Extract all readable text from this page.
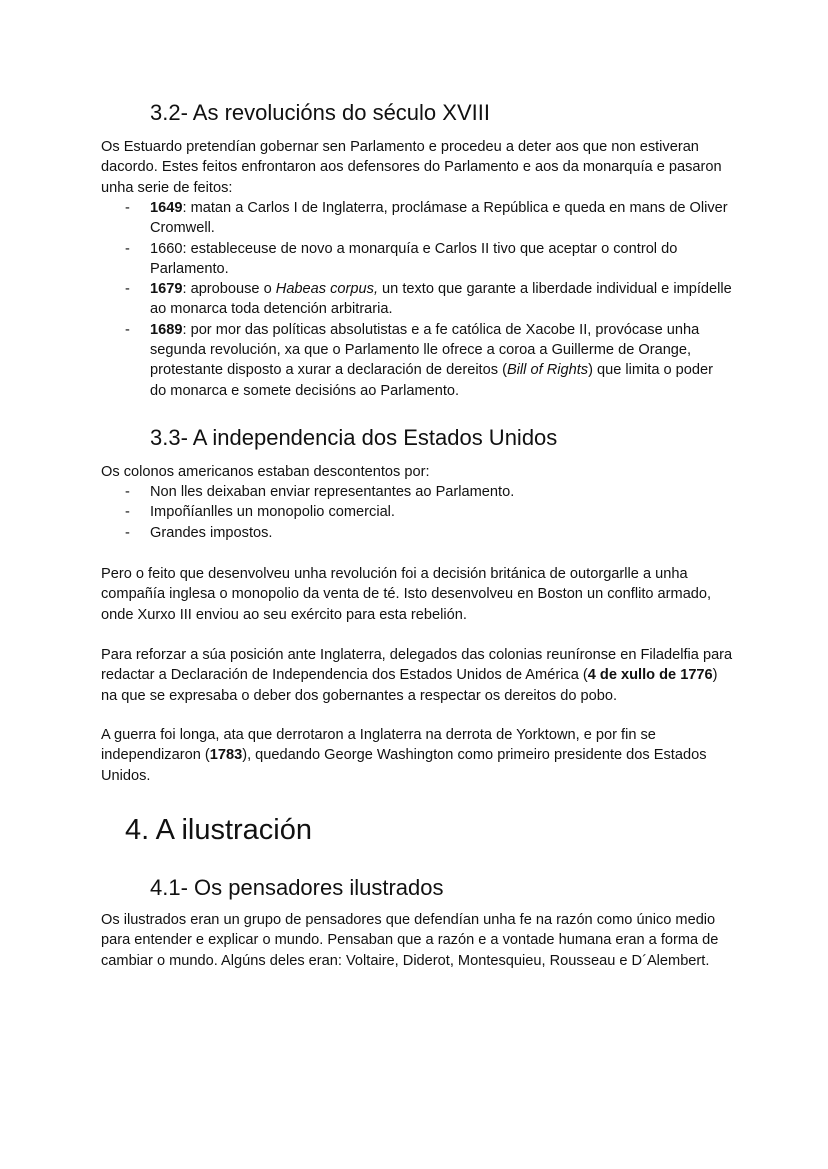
3.2- As revolucións do século XVIII

Os Estuardo pretendían gobernar sen Parlamento e procedeu a deter aos que non estiveran dacordo. Estes feitos enfrontaron aos defensores do Parlamento e aos da monarquía e pasaron unha serie de feitos:

- 1649: matan a Carlos I de Inglaterra, proclámase a República e queda en mans de Oliver Cromwell.
- 1660: estableceuse de novo a monarquía e Carlos II tivo que aceptar o control do Parlamento.
- 1679: aprobouse o Habeas corpus, un texto que garante a liberdade individual e impídelle ao monarca toda detención arbitraria.
- 1689: por mor das políticas absolutistas e a fe católica de Xacobe II, provócase unha segunda revolución, xa que o Parlamento lle ofrece a coroa a Guillerme de Orange, protestante disposto a xurar a declaración de dereitos (Bill of Rights) que limita o poder do monarca e somete decisións ao Parlamento.
3.3- A independencia dos Estados Unidos

Os colonos americanos estaban descontentos por:

- Non lles deixaban enviar representantes ao Parlamento.
- Impoñíanlles un monopolio comercial.
- Grandes impostos.

Pero o feito que desenvolveu unha revolución foi a decisión británica de outorgarlle a unha compañía inglesa o monopolio da venta de té. Isto desenvolveu en Boston un conflito armado, onde Xurxo III enviou ao seu exército para esta rebelión.

Para reforzar a súa posición ante Inglaterra, delegados das colonias reuníronse en Filadelfia para redactar a Declaración de Independencia dos Estados Unidos de América (4 de xullo de 1776) na que se expresaba o deber dos gobernantes a respectar os dereitos do pobo.

A guerra foi longa, ata que derrotaron a Inglaterra na derrota de Yorktown, e por fin se independizaron (1783), quedando George Washington como primeiro presidente dos Estados Unidos.

4. A ilustración
4.1- Os pensadores ilustrados

Os ilustrados eran un grupo de pensadores que defendían unha fe na razón como único medio para entender e explicar o mundo. Pensaban que a razón e a vontade humana eran a forma de cambiar o mundo. Algúns deles eran: Voltaire, Diderot, Montesquieu, Rousseau e D´Alembert.
